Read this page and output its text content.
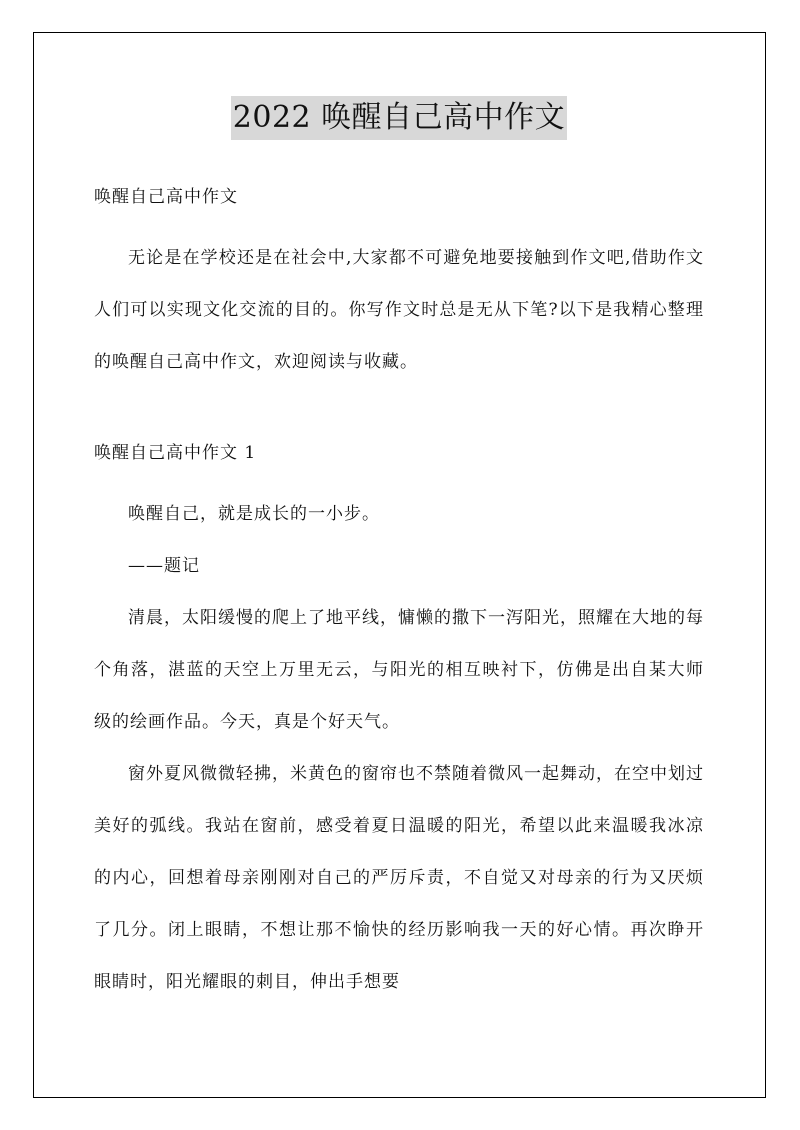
2022 唤醒自己高中作文

唤醒自己高中作文

无论是在学校还是在社会中,大家都不可避免地要接触到作文吧,借助作文人们可以实现文化交流的目的。你写作文时总是无从下笔?以下是我精心整理的唤醒自己高中作文，欢迎阅读与收藏。

唤醒自己高中作文 1

唤醒自己，就是成长的一小步。

——题记

清晨，太阳缓慢的爬上了地平线，慵懒的撒下一泻阳光，照耀在大地的每个角落，湛蓝的天空上万里无云，与阳光的相互映衬下，仿佛是出自某大师级的绘画作品。今天，真是个好天气。

窗外夏风微微轻拂，米黄色的窗帘也不禁随着微风一起舞动，在空中划过美好的弧线。我站在窗前，感受着夏日温暖的阳光，希望以此来温暖我冰凉的内心，回想着母亲刚刚对自己的严厉斥责，不自觉又对母亲的行为又厌烦了几分。闭上眼睛，不想让那不愉快的经历影响我一天的好心情。再次睁开眼睛时，阳光耀眼的刺目，伸出手想要
